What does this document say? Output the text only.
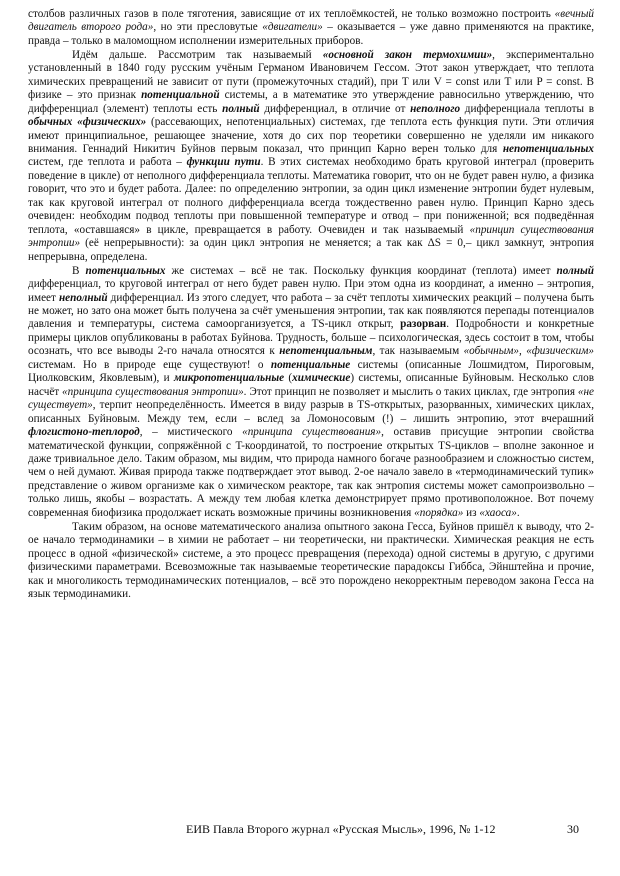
столбов различных газов в поле тяготения, зависящие от их теплоёмкостей, не только возможно построить «вечный двигатель второго рода», но эти пресловутые «двигатели» – оказывается – уже давно применяются на практике, правда – только в маломощном исполнении измерительных приборов.

Идём дальше. Рассмотрим так называемый «основной закон термохимии», экспериментально установленный в 1840 году русским учёным Германом Ивановичем Гессом. Этот закон утверждает, что теплота химических превращений не зависит от пути (промежуточных стадий), при T или V = const или T или P = const. В физике – это признак потенциальной системы, а в математике это утверждение равносильно утверждению, что дифференциал (элемент) теплоты есть полный дифференциал, в отличие от неполного дифференциала теплоты в обычных «физических» (рассевающих, непотенциальных) системах, где теплота есть функция пути. Эти отличия имеют принципиальное, решающее значение, хотя до сих пор теоретики совершенно не уделяли им никакого внимания. Геннадий Никитич Буйнов первым показал, что принцип Карно верен только для непотенциальных систем, где теплота и работа – функции пути. В этих системах необходимо брать круговой интеграл (проверить поведение в цикле) от неполного дифференциала теплоты. Математика говорит, что он не будет равен нулю, а физика говорит, что это и будет работа. Далее: по определению энтропии, за один цикл изменение энтропии будет нулевым, так как круговой интеграл от полного дифференциала всегда тождественно равен нулю. Принцип Карно здесь очевиден: необходим подвод теплоты при повышенной температуре и отвод – при пониженной; вся подведённая теплота, «оставшаяся» в цикле, превращается в работу. Очевиден и так называемый «принцип существования энтропии» (её непрерывности): за один цикл энтропия не меняется; а так как ΔS = 0,– цикл замкнут, энтропия непрерывна, определена.

В потенциальных же системах – всё не так. Поскольку функция координат (теплота) имеет полный дифференциал, то круговой интеграл от него будет равен нулю. При этом одна из координат, а именно – энтропия, имеет неполный дифференциал. Из этого следует, что работа – за счёт теплоты химических реакций – получена быть не может, но зато она может быть получена за счёт уменьшения энтропии, так как появляются перепады потенциалов давления и температуры, система самоорганизуется, а TS-цикл открыт, разорван. Подробности и конкретные примеры циклов опубликованы в работах Буйнова. Трудность, больше – психологическая, здесь состоит в том, чтобы осознать, что все выводы 2-го начала относятся к непотенциальным, так называемым «обычным», «физическим» системам. Но в природе еще существуют! о потенциальные системы (описанные Лошмидтом, Пироговым, Циолковским, Яковлевым), и микропотенциальные (химические) системы, описанные Буйновым. Несколько слов насчёт «принципа существования энтропии». Этот принцип не позволяет и мыслить о таких циклах, где энтропия «не существует», терпит неопределённость. Имеется в виду разрыв в TS-открытых, разорванных, химических циклах, описанных Буйновым. Между тем, если – вслед за Ломоносовым (!) – лишить энтропию, этот вчерашний флогистоно-теплород, – мистического «принципа существования», оставив присущие энтропии свойства математической функции, сопряжённой с T-координатой, то построение открытых TS-циклов – вполне законное и даже тривиальное дело. Таким образом, мы видим, что природа намного богаче разнообразием и сложностью систем, чем о ней думают. Живая природа также подтверждает этот вывод. 2-ое начало завело в «термодинамический тупик» представление о живом организме как о химическом реакторе, так как энтропия системы может самопроизвольно – только лишь, якобы – возрастать. А между тем любая клетка демонстрирует прямо противоположное. Вот почему современная биофизика продолжает искать возможные причины возникновения «порядка» из «хаоса».

Таким образом, на основе математического анализа опытного закона Гесса, Буйнов пришёл к выводу, что 2-ое начало термодинамики – в химии не работает – ни теоретически, ни практически. Химическая реакция не есть процесс в одной «физической» системе, а это процесс превращения (перехода) одной системы в другую, с другими физическими параметрами. Всевозможные так называемые теоретические парадоксы Гиббса, Эйнштейна и прочие, как и многоликость термодинамических потенциалов, – всё это порождено некорректным переводом закона Гесса на язык термодинамики.

ЕИВ Павла Второго журнал «Русская Мысль», 1996, № 1-12	30
